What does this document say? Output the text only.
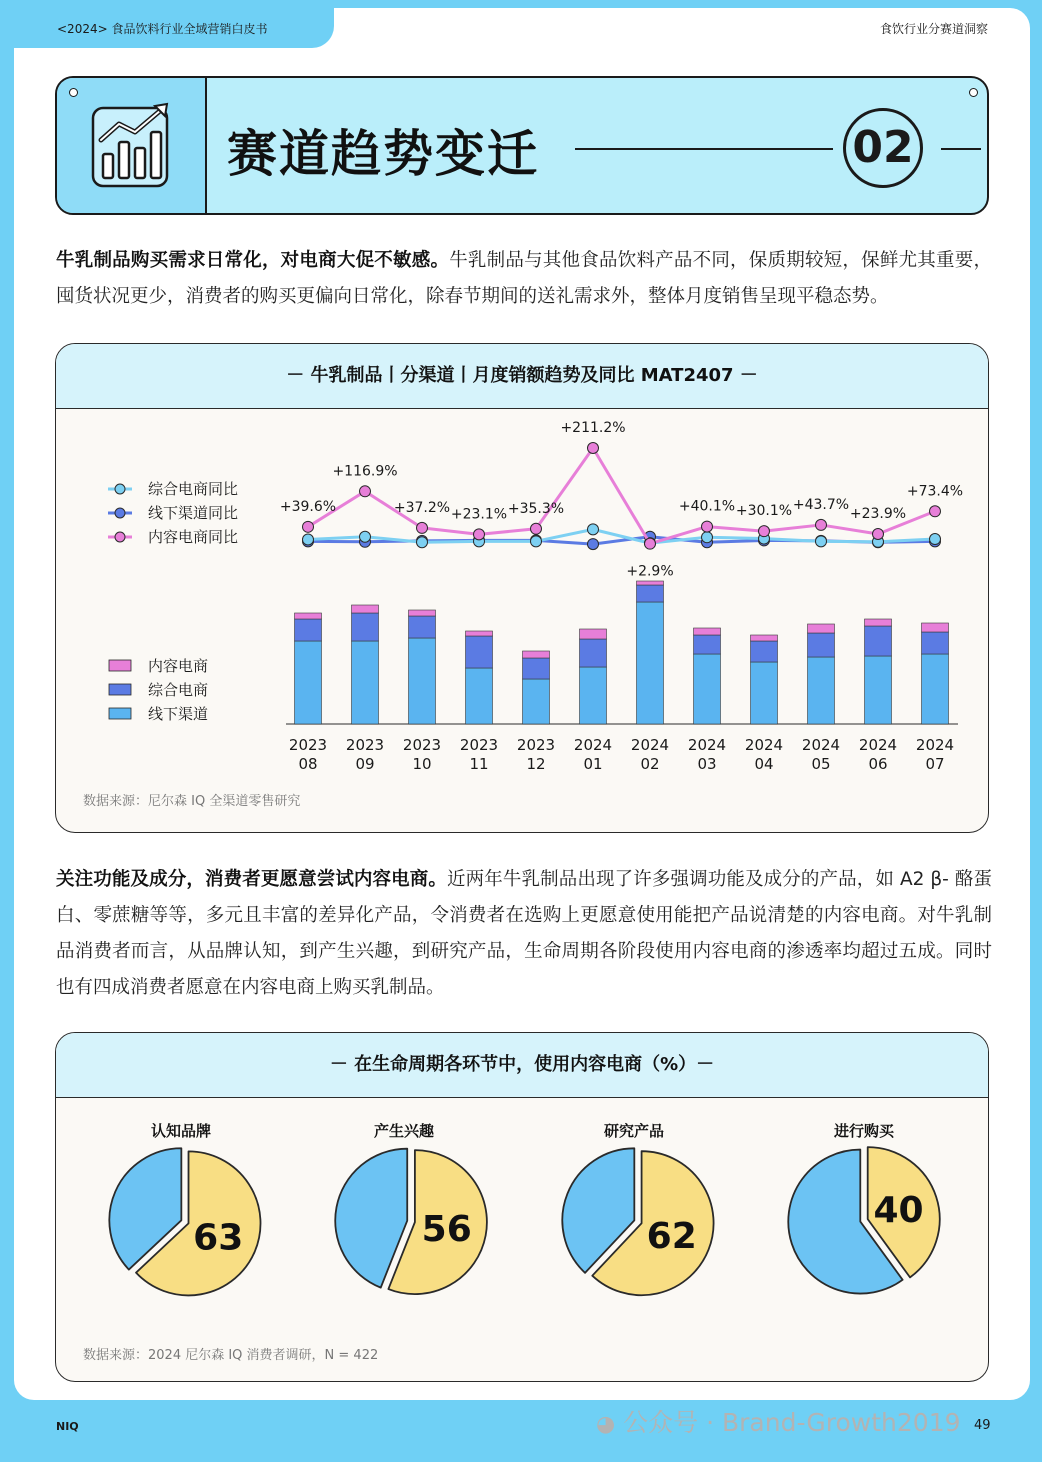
<2024> 食品饮料行业全域营销白皮书	食饮行业分赛道洞察
赛道趋势变迁	02
牛乳制品购买需求日常化，对电商大促不敏感。牛乳制品与其他食品饮料产品不同，保质期较短，保鲜尤其重要，囤货状况更少，消费者的购买更偏向日常化，除春节期间的送礼需求外，整体月度销售呈现平稳态势。
－ 牛乳制品丨分渠道丨月度销额趋势及同比 MAT2407 －
综合电商同比
线下渠道同比
内容电商同比
内容电商
综合电商
线下渠道
2023
08
2023
09
2023
10
2023
11
2023
12
2024
01
2024
02
2024
03
2024
04
2024
05
2024
06
2024
07
+39.6%
+116.9%
+37.2% +23.1% +35.3%
+211.2%
+2.9%
+40.1% +30.1% +43.7%
+23.9%
+73.4%
数据来源：尼尔森 IQ 全渠道零售研究
关注功能及成分，消费者更愿意尝试内容电商。近两年牛乳制品出现了许多强调功能及成分的产品，如 A2 β- 酪蛋白、零蔗糖等等，多元且丰富的差异化产品，令消费者在选购上更愿意使用能把产品说清楚的内容电商。对牛乳制品消费者而言，从品牌认知，到产生兴趣，到研究产品，生命周期各阶段使用内容电商的渗透率均超过五成。同时也有四成消费者愿意在内容电商上购买乳制品。
－ 在生命周期各环节中，使用内容电商（%）－
认知品牌	产生兴趣	研究产品	进行购买
63	56	62
40
数据来源：2024 尼尔森 IQ 消费者调研，N = 422
NIQ	◕ 公众号 · Brand-Growth2019 49
